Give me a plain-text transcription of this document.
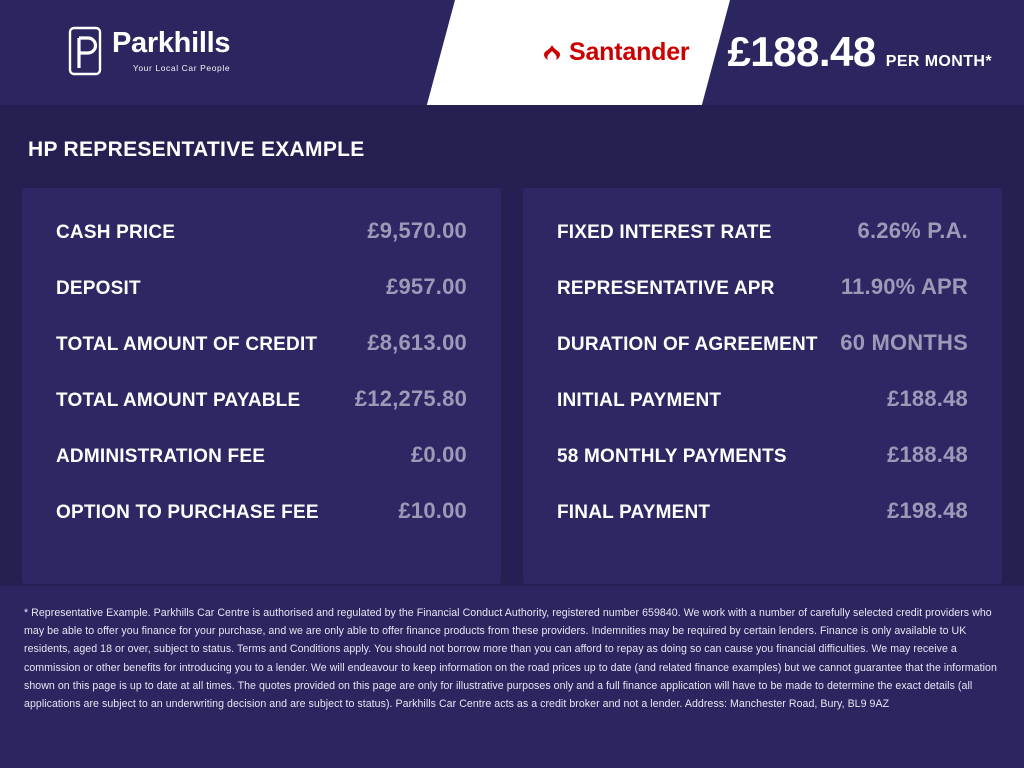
Parkhills
Your Local Car People
Santander £188.48 PER MONTH*
HP REPRESENTATIVE EXAMPLE
CASH PRICE	£9,570.00
DEPOSIT	£957.00
TOTAL AMOUNT OF CREDIT £8,613.00
TOTAL AMOUNT PAYABLE £12,275.80
ADMINISTRATION FEE	£0.00
OPTION TO PURCHASE FEE	£10.00
FIXED INTEREST RATE	6.26% P.A.
REPRESENTATIVE APR	11.90% APR
DURATION OF AGREEMENT 60 MONTHS
INITIAL PAYMENT	£188.48
58 MONTHLY PAYMENTS	£188.48
FINAL PAYMENT	£198.48

* Representative Example. Parkhills Car Centre is authorised and regulated by the Financial Conduct Authority, registered number 659840. We work with a number of carefully selected credit providers who may be able to offer you finance for your purchase, and we are only able to offer finance products from these providers. Indemnities may be required by certain lenders. Finance is only available to UK residents, aged 18 or over, subject to status. Terms and Conditions apply. You should not borrow more than you can afford to repay as doing so can cause you financial difficulties. We may receive a commission or other benefits for introducing you to a lender. We will endeavour to keep information on the road prices up to date (and related finance examples) but we cannot guarantee that the information shown on this page is up to date at all times. The quotes provided on this page are only for illustrative purposes only and a full finance application will have to be made to determine the exact details (all applications are subject to an underwriting decision and are subject to status). Parkhills Car Centre acts as a credit broker and not a lender. Address: Manchester Road, Bury, BL9 9AZ
